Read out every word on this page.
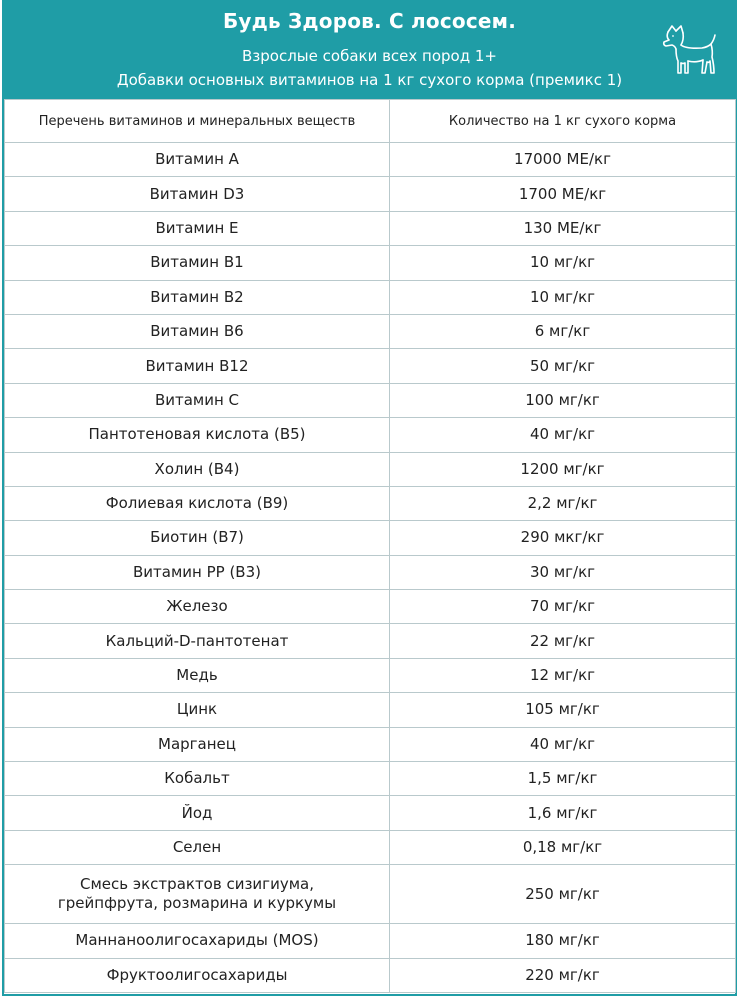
Будь Здоров. С лососем.
Взрослые собаки всех пород 1+
Добавки основных витаминов на 1 кг сухого корма (премикс 1)
Перечень витаминов и минеральных веществ	Количество на 1 кг сухого корма

Витамин А	17000 МЕ/кг

Витамин D3	1700 МЕ/кг

Витамин Е	130 МЕ/кг

Витамин В1	10 мг/кг

Витамин В2	10 мг/кг

Витамин В6	6 мг/кг

Витамин В12	50 мг/кг

Витамин С	100 мг/кг

Пантотеновая кислота (В5)	40 мг/кг

Холин (В4)	1200 мг/кг

Фолиевая кислота (В9)	2,2 мг/кг

Биотин (В7)	290 мкг/кг

Витамин РР (В3)	30 мг/кг

Железо	70 мг/кг

Кальций-D-пантотенат	22 мг/кг

Медь	12 мг/кг

Цинк	105 мг/кг

Марганец	40 мг/кг

Кобальт	1,5 мг/кг

Йод	1,6 мг/кг

Селен	0,18 мг/кг

Смесь экстрактов сизигиума,
грейпфрута, розмарина и куркумы	250 мг/кг

Маннаноолигосахариды (MOS)	180 мг/кг

Фруктоолигосахариды	220 мг/кг
